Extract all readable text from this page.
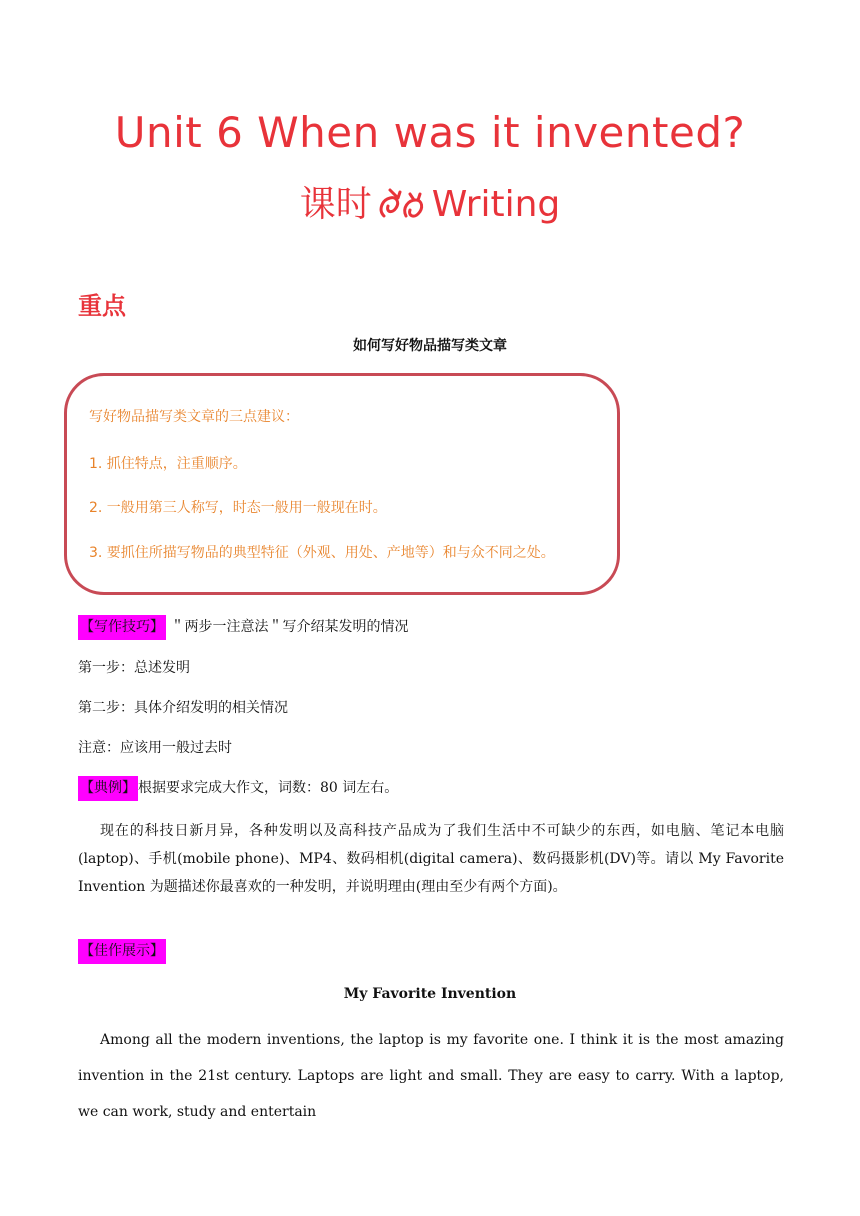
Unit 6 When was it invented?
课时 Writing
重点
如何写好物品描写类文章
写好物品描写类文章的三点建议：
1. 抓住特点，注重顺序。
2. 一般用第三人称写，时态一般用一般现在时。
3. 要抓住所描写物品的典型特征（外观、用处、产地等）和与众不同之处。
【写作技巧】 ＂两步一注意法＂写介绍某发明的情况
第一步：总述发明
第二步：具体介绍发明的相关情况
注意：应该用一般过去时
【典例】 根据要求完成大作文，词数：80 词左右。
现在的科技日新月异，各种发明以及高科技产品成为了我们生活中不可缺少的东西，如电脑、笔记本电脑(laptop)、手机(mobile phone)、MP4、数码相机(digital camera)、数码摄影机(DV)等。请以 My Favorite Invention 为题描述你最喜欢的一种发明，并说明理由(理由至少有两个方面)。
【佳作展示】
My Favorite Invention
Among all the modern inventions, the laptop is my favorite one. I think it is the most amazing invention in the 21st century. Laptops are light and small. They are easy to carry. With a laptop, we can work, study and entertain
